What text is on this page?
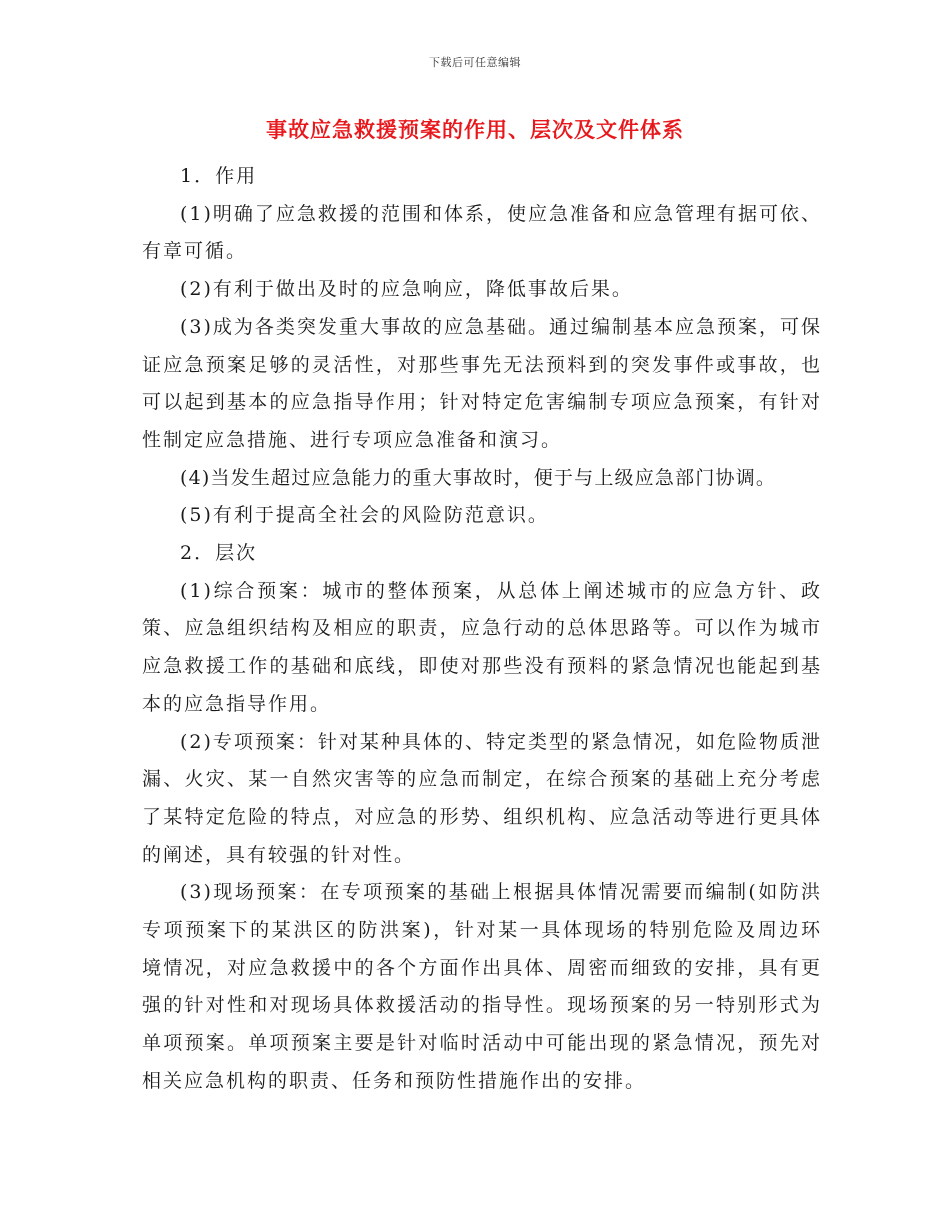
下载后可任意编辑
事故应急救援预案的作用、层次及文件体系

1．作用

(1)明确了应急救援的范围和体系，使应急准备和应急管理有据可依、有章可循。

(2)有利于做出及时的应急响应，降低事故后果。

(3)成为各类突发重大事故的应急基础。通过编制基本应急预案，可保证应急预案足够的灵活性，对那些事先无法预料到的突发事件或事故，也可以起到基本的应急指导作用；针对特定危害编制专项应急预案，有针对性制定应急措施、进行专项应急准备和演习。

(4)当发生超过应急能力的重大事故时，便于与上级应急部门协调。

(5)有利于提高全社会的风险防范意识。

2．层次

(1)综合预案：城市的整体预案，从总体上阐述城市的应急方针、政策、应急组织结构及相应的职责，应急行动的总体思路等。可以作为城市应急救援工作的基础和底线，即使对那些没有预料的紧急情况也能起到基本的应急指导作用。

(2)专项预案：针对某种具体的、特定类型的紧急情况，如危险物质泄漏、火灾、某一自然灾害等的应急而制定，在综合预案的基础上充分考虑了某特定危险的特点，对应急的形势、组织机构、应急活动等进行更具体的阐述，具有较强的针对性。

(3)现场预案：在专项预案的基础上根据具体情况需要而编制(如防洪专项预案下的某洪区的防洪案)，针对某一具体现场的特别危险及周边环境情况，对应急救援中的各个方面作出具体、周密而细致的安排，具有更强的针对性和对现场具体救援活动的指导性。现场预案的另一特别形式为单项预案。单项预案主要是针对临时活动中可能出现的紧急情况，预先对相关应急机构的职责、任务和预防性措施作出的安排。
